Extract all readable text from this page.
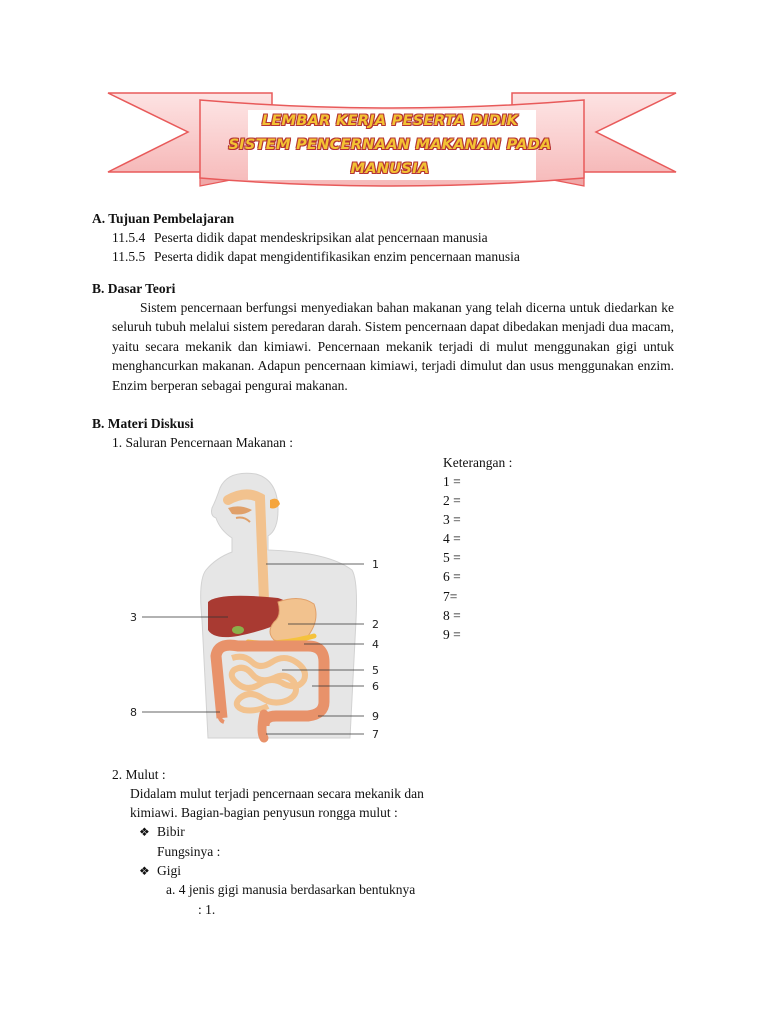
LEMBAR KERJA PESERTA DIDIK
SISTEM PENCERNAAN MAKANAN PADA
MANUSIA
A. Tujuan Pembelajaran
11.5.4 Peserta didik dapat mendeskripsikan alat pencernaan manusia
11.5.5 Peserta didik dapat mengidentifikasikan enzim pencernaan manusia
B. Dasar Teori
Sistem pencernaan berfungsi menyediakan bahan makanan yang telah dicerna untuk diedarkan ke seluruh tubuh melalui sistem peredaran darah. Sistem pencernaan dapat dibedakan menjadi dua macam, yaitu secara mekanik dan kimiawi. Pencernaan mekanik terjadi di mulut menggunakan gigi untuk menghancurkan makanan. Adapun pencernaan kimiawi, terjadi dimulut dan usus menggunakan enzim. Enzim berperan sebagai pengurai makanan.
B. Materi Diskusi
1. Saluran Pencernaan Makanan :
Keterangan :
1 =
2 =
3 =
4 =
5 =
6 =
7=
8 =
9 =
1
2
3
4
5
6
7
8	9
2. Mulut :
Didalam mulut terjadi pencernaan secara mekanik dan
kimiawi. Bagian-bagian penyusun rongga mulut :
❖ Bibir
Fungsinya :
❖ Gigi
a. 4 jenis gigi manusia berdasarkan bentuknya
: 1.
